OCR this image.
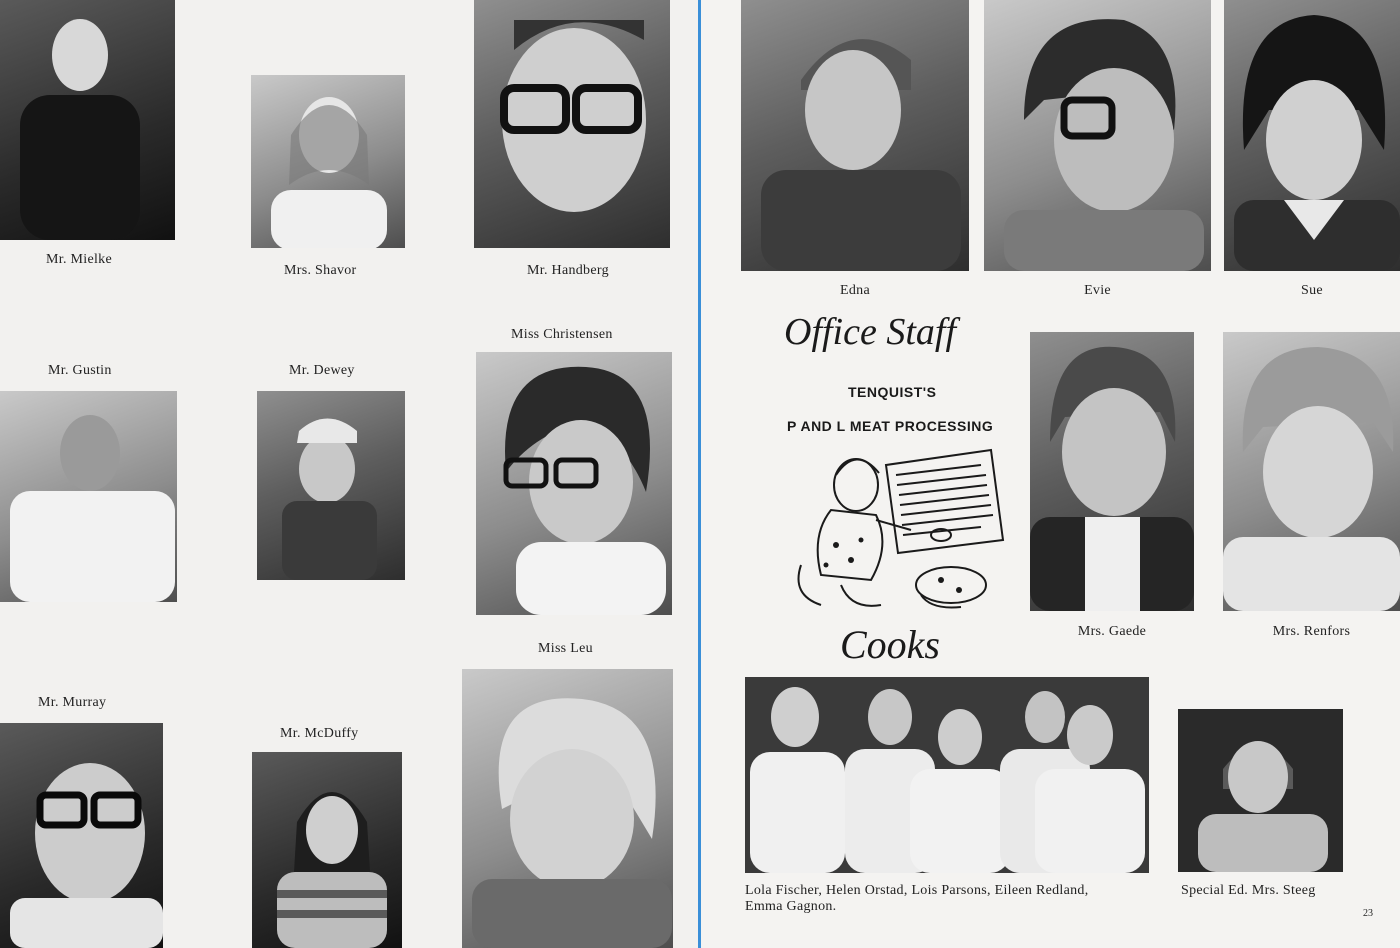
Mr. Mielke
Mrs. Shavor	Mr. Handberg
Mr. Gustin	Mr. Dewey
Miss Christensen
Mr. Murray
Mr. McDuffy
Miss Leu
Edna	Evie	Sue
Office Staff
TENQUIST'S
P AND L MEAT PROCESSING
Cooks	Mrs. Gaede	Mrs. Renfors
Lola Fischer, Helen Orstad, Lois Parsons, Eileen Redland,
Emma Gagnon.
Special Ed. Mrs. Steeg
23
